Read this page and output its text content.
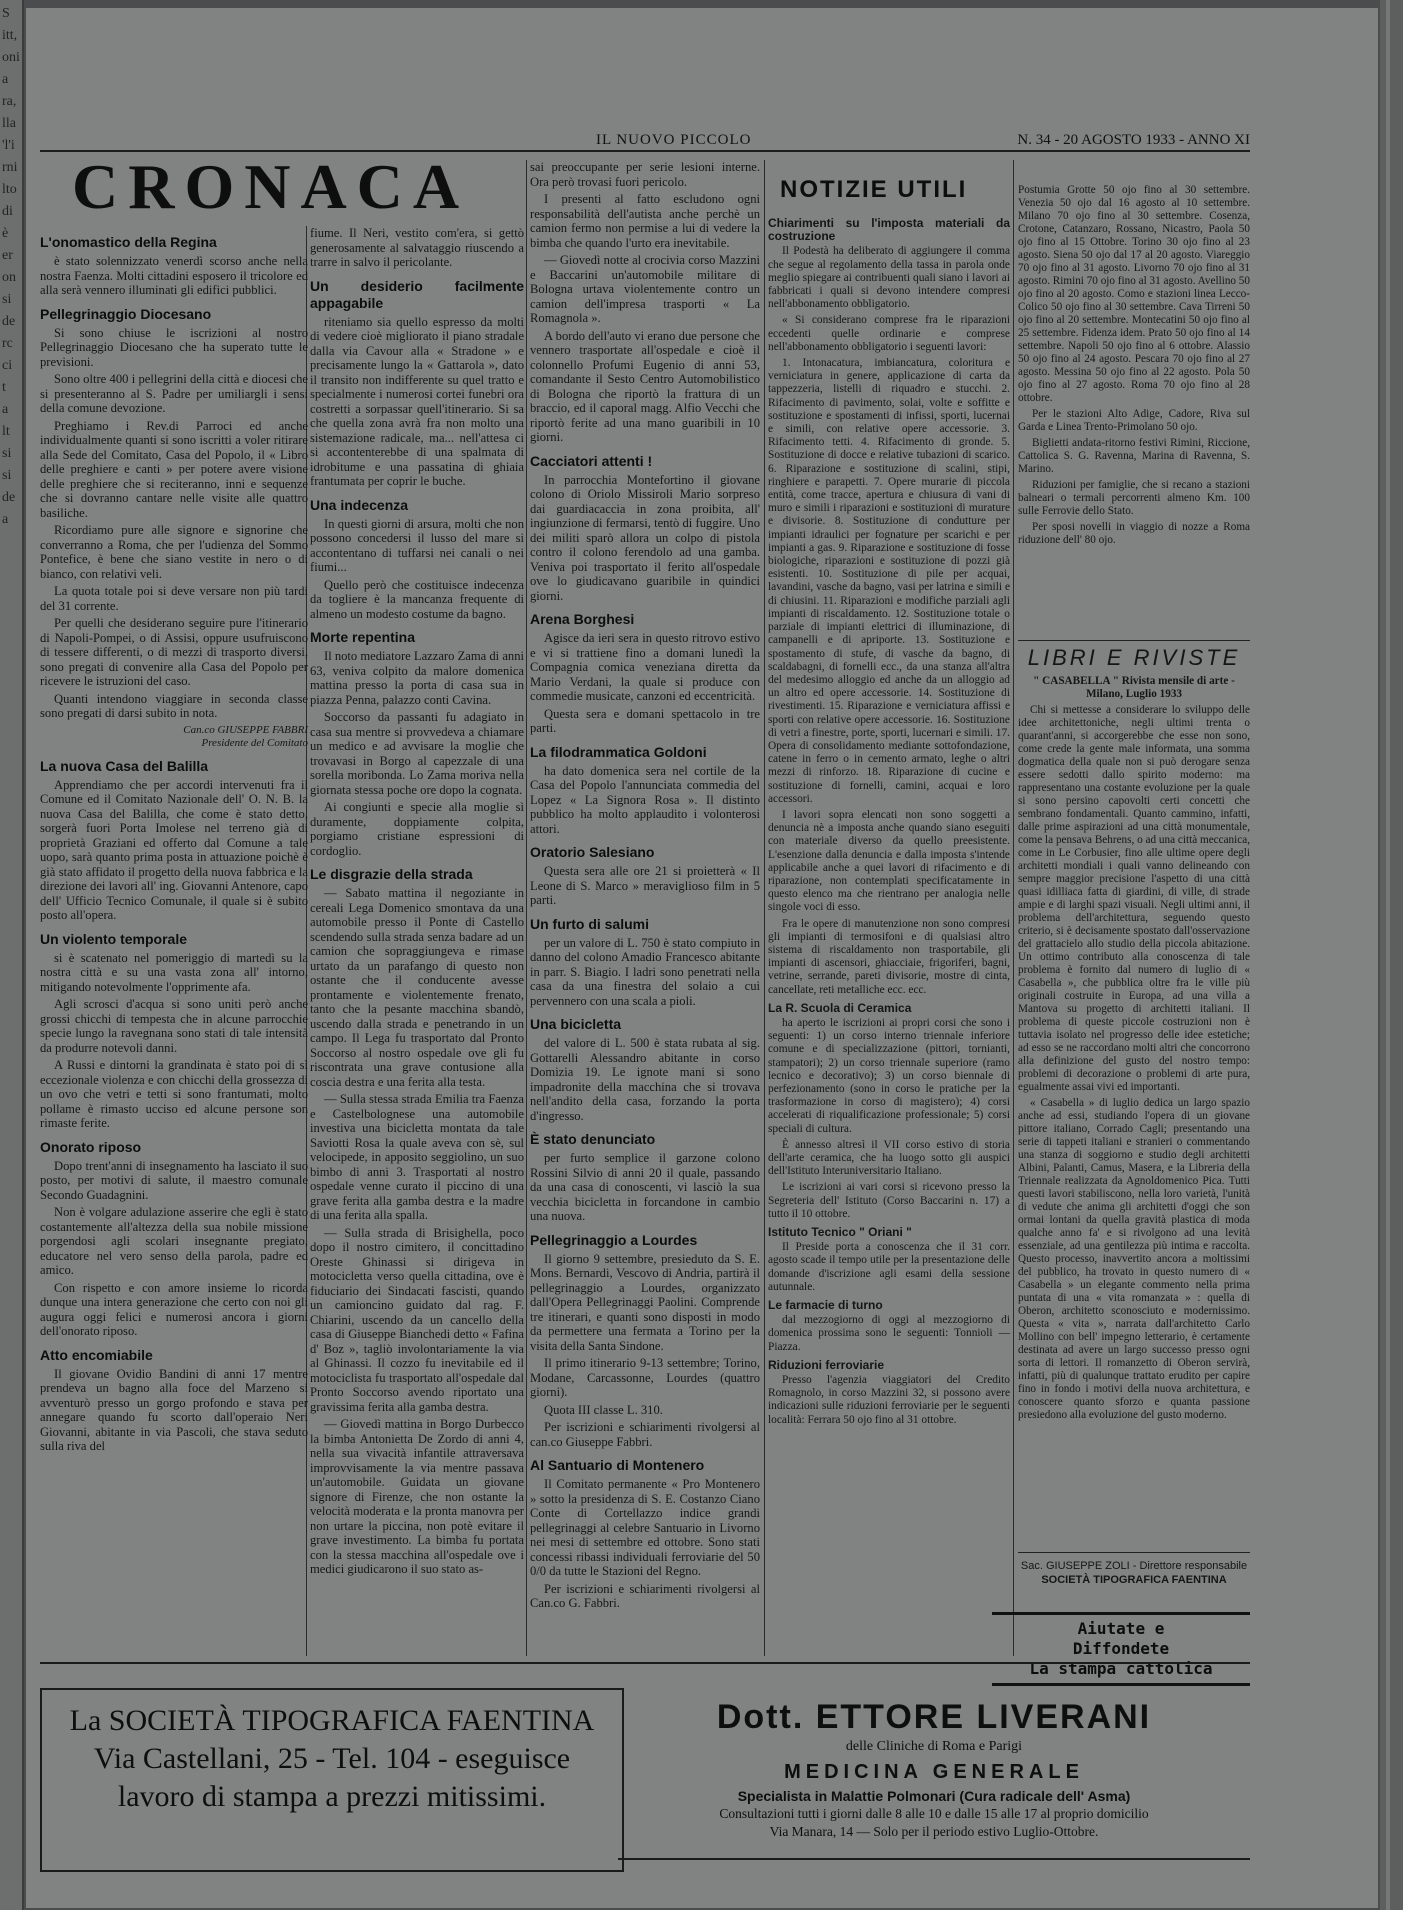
S
itt,
oni
a
ra,
lla
'l'i
rni
lto
di
è
er
on
si
de
rc
ci
t
a
lt
si
si
de
a
IL NUOVO PICCOLO	N. 34 - 20 AGOSTO 1933 - ANNO XI
CRONACA
L'onomastico della Regina

è stato solennizzato venerdì scorso anche nella nostra Faenza. Molti cittadini esposero il tricolore ed alla serà vennero illuminati gli edifici pubblici.

Pellegrinaggio Diocesano

Si sono chiuse le iscrizioni al nostro Pellegrinaggio Diocesano che ha superato tutte le previsioni.

Sono oltre 400 i pellegrini della città e diocesi che si presenteranno al S. Padre per umiliargli i sensi della comune devozione.

Preghiamo i Rev.di Parroci ed anche individualmente quanti si sono iscritti a voler ritirare alla Sede del Comitato, Casa del Popolo, il « Libro delle preghiere e canti » per potere avere visione delle preghiere che si reciteranno, inni e sequenze che si dovranno cantare nelle visite alle quattro basiliche.

Ricordiamo pure alle signore e signorine che converranno a Roma, che per l'udienza del Sommo Pontefice, è bene che siano vestite in nero o di bianco, con relativi veli.

La quota totale poi si deve versare non più tardi del 31 corrente.

Per quelli che desiderano seguire pure l'itinerario di Napoli-Pompei, o di Assisi, oppure usufruiscono di tessere differenti, o di mezzi di trasporto diversi, sono pregati di convenire alla Casa del Popolo per ricevere le istruzioni del caso.

Quanti intendono viaggiare in seconda classe sono pregati di darsi subito in nota.

Can.co GIUSEPPE FABBRI
Presidente del Comitato
La nuova Casa del Balilla

Apprendiamo che per accordi intervenuti fra il Comune ed il Comitato Nazionale dell' O. N. B. la nuova Casa del Balilla, che come è stato detto, sorgerà fuori Porta Imolese nel terreno già di proprietà Graziani ed offerto dal Comune a tale uopo, sarà quanto prima posta in attuazione poichè è già stato affidato il progetto della nuova fabbrica e la direzione dei lavori all' ing. Giovanni Antenore, capo dell' Ufficio Tecnico Comunale, il quale si è subito posto all'opera.

Un violento temporale

si è scatenato nel pomeriggio di martedì su la nostra città e su una vasta zona all' intorno, mitigando notevolmente l'opprimente afa.

Agli scrosci d'acqua si sono uniti però anche grossi chicchi di tempesta che in alcune parrocchie specie lungo la ravegnana sono stati di tale intensità da produrre notevoli danni.

A Russi e dintorni la grandinata è stato poi di sì eccezionale violenza e con chicchi della grossezza di un ovo che vetri e tetti si sono frantumati, molto pollame è rimasto ucciso ed alcune persone son rimaste ferite.

Onorato riposo

Dopo trent'anni di insegnamento ha lasciato il suo posto, per motivi di salute, il maestro comunale Secondo Guadagnini.

Non è volgare adulazione asserire che egli è stato costantemente all'altezza della sua nobile missione porgendosi agli scolari insegnante pregiato, educatore nel vero senso della parola, padre ed amico.

Con rispetto e con amore insieme lo ricorda dunque una intera generazione che certo con noi gli augura oggi felici e numerosi ancora i giorni dell'onorato riposo.

Atto encomiabile

Il giovane Ovidio Bandini di anni 17 mentre prendeva un bagno alla foce del Marzeno si avventurò presso un gorgo profondo e stava per annegare quando fu scorto dall'operaio Neri Giovanni, abitante in via Pascoli, che stava seduto sulla riva del

fiume. Il Neri, vestito com'era, si gettò generosamente al salvataggio riuscendo a trarre in salvo il pericolante.

Un desiderio facilmente appagabile

riteniamo sia quello espresso da molti di vedere cioè migliorato il piano stradale dalla via Cavour alla « Stradone » e precisamente lungo la « Gattarola », dato il transito non indifferente su quel tratto e specialmente i numerosi cortei funebri ora costretti a sorpassar quell'itinerario. Si sa che quella zona avrà fra non molto una sistemazione radicale, ma... nell'attesa ci si accontenterebbe di una spalmata di idrobitume e una passatina di ghiaia frantumata per coprir le buche.

Una indecenza

In questi giorni di arsura, molti che non possono concedersi il lusso del mare si accontentano di tuffarsi nei canali o nei fiumi...

Quello però che costituisce indecenza da togliere è la mancanza frequente di almeno un modesto costume da bagno.

Morte repentina

Il noto mediatore Lazzaro Zama di anni 63, veniva colpito da malore domenica mattina presso la porta di casa sua in piazza Penna, palazzo conti Cavina.

Soccorso da passanti fu adagiato in casa sua mentre si provvedeva a chiamare un medico e ad avvisare la moglie che trovavasi in Borgo al capezzale di una sorella moribonda. Lo Zama moriva nella giornata stessa poche ore dopo la cognata.

Ai congiunti e specie alla moglie sì duramente, doppiamente colpita, porgiamo cristiane espressioni di cordoglio.

Le disgrazie della strada

— Sabato mattina il negoziante in cereali Lega Domenico smontava da una automobile presso il Ponte di Castello scendendo sulla strada senza badare ad un camion che sopraggiungeva e rimase urtato da un parafango di questo non ostante che il conducente avesse prontamente e violentemente frenato, tanto che la pesante macchina sbandò, uscendo dalla strada e penetrando in un campo. Il Lega fu trasportato dal Pronto Soccorso al nostro ospedale ove gli fu riscontrata una grave contusione alla coscia destra e una ferita alla testa.

— Sulla stessa strada Emilia tra Faenza e Castelbolognese una automobile investiva una bicicletta montata da tale Saviotti Rosa la quale aveva con sè, sul velocipede, in apposito seggiolino, un suo bimbo di anni 3. Trasportati al nostro ospedale venne curato il piccino di una grave ferita alla gamba destra e la madre di una ferita alla spalla.

— Sulla strada di Brisighella, poco dopo il nostro cimitero, il concittadino Oreste Ghinassi si dirigeva in motocicletta verso quella cittadina, ove è fiduciario dei Sindacati fascisti, quando un camioncino guidato dal rag. F. Chiarini, uscendo da un cancello della casa di Giuseppe Bianchedi detto « Fafina d' Boz », tagliò involontariamente la via al Ghinassi. Il cozzo fu inevitabile ed il motociclista fu trasportato all'ospedale dal Pronto Soccorso avendo riportato una gravissima ferita alla gamba destra.

— Giovedì mattina in Borgo Durbecco la bimba Antonietta De Zordo di anni 4, nella sua vivacità infantile attraversava improvvisamente la via mentre passava un'automobile. Guidata un giovane signore di Firenze, che non ostante la velocità moderata e la pronta manovra per non urtare la piccina, non potè evitare il grave investimento. La bimba fu portata con la stessa macchina all'ospedale ove i medici giudicarono il suo stato as-

sai preoccupante per serie lesioni interne. Ora però trovasi fuori pericolo.

I presenti al fatto escludono ogni responsabilità dell'autista anche perchè un camion fermo non permise a lui di vedere la bimba che quando l'urto era inevitabile.

— Giovedì notte al crocivia corso Mazzini e Baccarini un'automobile militare di Bologna urtava violentemente contro un camion dell'impresa trasporti « La Romagnola ».

A bordo dell'auto vi erano due persone che vennero trasportate all'ospedale e cioè il colonnello Profumi Eugenio di anni 53, comandante il Sesto Centro Automobilistico di Bologna che riportò la frattura di un braccio, ed il caporal magg. Alfio Vecchi che riportò ferite ad una mano guaribili in 10 giorni.

Cacciatori attenti !

In parrocchia Montefortino il giovane colono di Oriolo Missiroli Mario sorpreso dai guardiacaccia in zona proibita, all' ingiunzione di fermarsi, tentò di fuggire. Uno dei militi sparò allora un colpo di pistola contro il colono ferendolo ad una gamba. Veniva poi trasportato il ferito all'ospedale ove lo giudicavano guaribile in quindici giorni.

Arena Borghesi

Agisce da ieri sera in questo ritrovo estivo e vi si trattiene fino a domani lunedì la Compagnia comica veneziana diretta da Mario Verdani, la quale si produce con commedie musicate, canzoni ed eccentricità.

Questa sera e domani spettacolo in tre parti.

La filodrammatica Goldoni

ha dato domenica sera nel cortile de la Casa del Popolo l'annunciata commedia del Lopez « La Signora Rosa ». Il distinto pubblico ha molto applaudito i volonterosi attori.

Oratorio Salesiano

Questa sera alle ore 21 si proietterà « Il Leone di S. Marco » meraviglioso film in 5 parti.

Un furto di salumi

per un valore di L. 750 è stato compiuto in danno del colono Amadio Francesco abitante in parr. S. Biagio. I ladri sono penetrati nella casa da una finestra del solaio a cui pervennero con una scala a pioli.

Una bicicletta

del valore di L. 500 è stata rubata al sig. Gottarelli Alessandro abitante in corso Domizia 19. Le ignote mani si sono impadronite della macchina che si trovava nell'andito della casa, forzando la porta d'ingresso.

È stato denunciato

per furto semplice il garzone colono Rossini Silvio di anni 20 il quale, passando da una casa di conoscenti, vi lasciò la sua vecchia bicicletta in forcandone in cambio una nuova.

Pellegrinaggio a Lourdes

Il giorno 9 settembre, presieduto da S. E. Mons. Bernardi, Vescovo di Andria, partirà il pellegrinaggio a Lourdes, organizzato dall'Opera Pellegrinaggi Paolini. Comprende tre itinerari, e quanti sono disposti in modo da permettere una fermata a Torino per la visita della Santa Sindone.

Il primo itinerario 9-13 settembre; Torino, Modane, Carcassonne, Lourdes (quattro giorni).

Quota III classe L. 310.

Per iscrizioni e schiarimenti rivolgersi al can.co Giuseppe Fabbri.

Al Santuario di Montenero

Il Comitato permanente « Pro Montenero » sotto la presidenza di S. E. Costanzo Ciano Conte di Cortellazzo indice grandi pellegrinaggi al celebre Santuario in Livorno nei mesi di settembre ed ottobre. Sono stati concessi ribassi individuali ferroviarie del 50 0/0 da tutte le Stazioni del Regno.

Per iscrizioni e schiarimenti rivolgersi al Can.co G. Fabbri.

NOTIZIE UTILI
Chiarimenti su l'imposta materiali da costruzione

Il Podestà ha deliberato di aggiungere il comma che segue al regolamento della tassa in parola onde meglio spiegare ai contribuenti quali siano i lavori ai fabbricati i quali si devono intendere compresi nell'abbonamento obbligatorio.

« Si considerano comprese fra le riparazioni eccedenti quelle ordinarie e comprese nell'abbonamento obbligatorio i seguenti lavori:

1. Intonacatura, imbiancatura, coloritura e verniciatura in genere, applicazione di carta da tappezzeria, listelli di riquadro e stucchi. 2. Rifacimento di pavimento, solai, volte e soffitte e sostituzione e spostamenti di infissi, sporti, lucernai e simili, con relative opere accessorie. 3. Rifacimento tetti. 4. Rifacimento di gronde. 5. Sostituzione di docce e relative tubazioni di scarico. 6. Riparazione e sostituzione di scalini, stipi, ringhiere e parapetti. 7. Opere murarie di piccola entità, come tracce, apertura e chiusura di vani di muro e simili i riparazioni e sostituzioni di murature e divisorie. 8. Sostituzione di condutture per impianti idraulici per fognature per scarichi e per impianti a gas. 9. Riparazione e sostituzione di fosse biologiche, riparazioni e sostituzione di pozzi già esistenti. 10. Sostituzione di pile per acquai, lavandini, vasche da bagno, vasi per latrina e simili e di chiusini. 11. Riparazioni e modifiche parziali agli impianti di riscaldamento. 12. Sostituzione totale o parziale di impianti elettrici di illuminazione, di campanelli e di apriporte. 13. Sostituzione e spostamento di stufe, di vasche da bagno, di scaldabagni, di fornelli ecc., da una stanza all'altra del medesimo alloggio ed anche da un alloggio ad un altro ed opere accessorie. 14. Sostituzione di rivestimenti. 15. Riparazione e verniciatura affissi e sporti con relative opere accessorie. 16. Sostituzione di vetri a finestre, porte, sporti, lucernari e simili. 17. Opera di consolidamento mediante sottofondazione, catene in ferro o in cemento armato, leghe o altri mezzi di rinforzo. 18. Riparazione di cucine e sostituzione di fornelli, camini, acquai e loro accessori.

I lavori sopra elencati non sono soggetti a denuncia nè a imposta anche quando siano eseguiti con materiale diverso da quello preesistente. L'esenzione dalla denuncia e dalla imposta s'intende applicabile anche a quei lavori di rifacimento e di riparazione, non contemplati specificatamente in questo elenco ma che rientrano per analogia nelle singole voci di esso.

Fra le opere di manutenzione non sono compresi gli impianti di termosifoni e di qualsiasi altro sistema di riscaldamento non trasportabile, gli impianti di ascensori, ghiacciaie, frigoriferi, bagni, vetrine, serrande, pareti divisorie, mostre di cinta, cancellate, reti metalliche ecc. ecc.

La R. Scuola di Ceramica

ha aperto le iscrizioni ai propri corsi che sono i seguenti: 1) un corso interno triennale inferiore comune e di specializzazione (pittori, tornianti, stampatori); 2) un corso triennale superiore (ramo lecnico e decorativo); 3) un corso biennale di perfezionamento (sono in corso le pratiche per la trasformazione in corso di magistero); 4) corsi accelerati di riqualificazione professionale; 5) corsi speciali di cultura.

È annesso altresì il VII corso estivo di storia dell'arte ceramica, che ha luogo sotto gli auspici dell'Istituto Interuniversitario Italiano.

Le iscrizioni ai vari corsi si ricevono presso la Segreteria dell' Istituto (Corso Baccarini n. 17) a tutto il 10 ottobre.

Istituto Tecnico " Oriani "

Il Preside porta a conoscenza che il 31 corr. agosto scade il tempo utile per la presentazione delle domande d'iscrizione agli esami della sessione autunnale.

Le farmacie di turno

dal mezzogiorno di oggi al mezzogiorno di domenica prossima sono le seguenti: Tonnioli — Piazza.

Riduzioni ferroviarie

Presso l'agenzia viaggiatori del Credito Romagnolo, in corso Mazzini 32, si possono avere indicazioni sulle riduzioni ferroviarie per le seguenti località: Ferrara 50 ojo fino al 31 ottobre.

Postumia Grotte 50 ojo fino al 30 settembre. Venezia 50 ojo dal 16 agosto al 10 settembre. Milano 70 ojo fino al 30 settembre. Cosenza, Crotone, Catanzaro, Rossano, Nicastro, Paola 50 ojo fino al 15 Ottobre. Torino 30 ojo fino al 23 agosto. Siena 50 ojo dal 17 al 20 agosto. Viareggio 70 ojo fino al 31 agosto. Livorno 70 ojo fino al 31 agosto. Rimini 70 ojo fino al 31 agosto. Avellino 50 ojo fino al 20 agosto. Como e stazioni linea Lecco-Colico 50 ojo fino al 30 settembre. Cava Tirreni 50 ojo fino al 20 settembre. Montecatini 50 ojo fino al 25 settembre. Fidenza idem. Prato 50 ojo fino al 14 settembre. Napoli 50 ojo fino al 6 ottobre. Alassio 50 ojo fino al 24 agosto. Pescara 70 ojo fino al 27 agosto. Messina 50 ojo fino al 22 agosto. Pola 50 ojo fino al 27 agosto. Roma 70 ojo fino al 28 ottobre.

Per le stazioni Alto Adige, Cadore, Riva sul Garda e Linea Trento-Primolano 50 ojo.

Biglietti andata-ritorno festivi Rimini, Riccione, Cattolica S. G. Ravenna, Marina di Ravenna, S. Marino.

Riduzioni per famiglie, che si recano a stazioni balneari o termali percorrenti almeno Km. 100 sulle Ferrovie dello Stato.

Per sposi novelli in viaggio di nozze a Roma riduzione dell' 80 ojo.

LIBRI E RIVISTE

" CASABELLA " Rivista mensile di arte - Milano, Luglio 1933

Chi si mettesse a considerare lo sviluppo delle idee architettoniche, negli ultimi trenta o quarant'anni, si accorgerebbe che esse non sono, come crede la gente male informata, una somma dogmatica della quale non si può derogare senza essere sedotti dallo spirito moderno: ma rappresentano una costante evoluzione per la quale si sono persino capovolti certi concetti che sembrano fondamentali. Quanto cammino, infatti, dalle prime aspirazioni ad una città monumentale, come la pensava Behrens, o ad una città meccanica, come in Le Corbusier, fino alle ultime opere degli architetti mondiali i quali vanno delineando con sempre maggior precisione l'aspetto di una città quasi idilliaca fatta di giardini, di ville, di strade ampie e di larghi spazi visuali. Negli ultimi anni, il problema dell'architettura, seguendo questo criterio, si è decisamente spostato dall'osservazione del grattacielo allo studio della piccola abitazione. Un ottimo contributo alla conoscenza di tale problema è fornito dal numero di luglio di « Casabella », che pubblica oltre fra le ville più originali costruite in Europa, ad una villa a Mantova su progetto di architetti italiani. Il problema di queste piccole costruzioni non è tuttavia isolato nel progresso delle idee estetiche; ad esso se ne raccordano molti altri che concorrono alla definizione del gusto del nostro tempo: problemi di decorazione o problemi di arte pura, egualmente assai vivi ed importanti.

« Casabella » di luglio dedica un largo spazio anche ad essi, studiando l'opera di un giovane pittore italiano, Corrado Cagli; presentando una serie di tappeti italiani e stranieri o commentando una stanza di soggiorno e studio degli architetti Albini, Palanti, Camus, Masera, e la Libreria della Triennale realizzata da Agnoldomenico Pica. Tutti questi lavori stabiliscono, nella loro varietà, l'unità di vedute che anima gli architetti d'oggi che son ormai lontani da quella gravità plastica di moda qualche anno fa' e si rivolgono ad una levità essenziale, ad una gentilezza più intima e raccolta. Questo processo, inavvertito ancora a moltissimi del pubblico, ha trovato in questo numero di « Casabella » un elegante commento nella prima puntata di una « vita romanzata » : quella di Oberon, architetto sconosciuto e modernissimo. Questa « vita », narrata dall'architetto Carlo Mollino con bell' impegno letterario, è certamente destinata ad avere un largo successo presso ogni sorta di lettori. Il romanzetto di Oberon servirà, infatti, più di qualunque trattato erudito per capire fino in fondo i motivi della nuova architettura, e conoscere quanto sforzo e quanta passione presiedono alla evoluzione del gusto moderno.

Sac. GIUSEPPE ZOLI - Direttore responsabile
SOCIETÀ TIPOGRAFICA FAENTINA
Aiutate e
Diffondete
La stampa cattolica
La SOCIETÀ TIPOGRAFICA FAENTINA
Via Castellani, 25 - Tel. 104 - eseguisce
lavoro di stampa a prezzi mitissimi.
Dott. ETTORE LIVERANI
delle Cliniche di Roma e Parigi
MEDICINA GENERALE
Specialista in Malattie Polmonari (Cura radicale dell' Asma)
Consultazioni tutti i giorni dalle 8 alle 10 e dalle 15 alle 17 al proprio domicilio
Via Manara, 14 — Solo per il periodo estivo Luglio-Ottobre.
